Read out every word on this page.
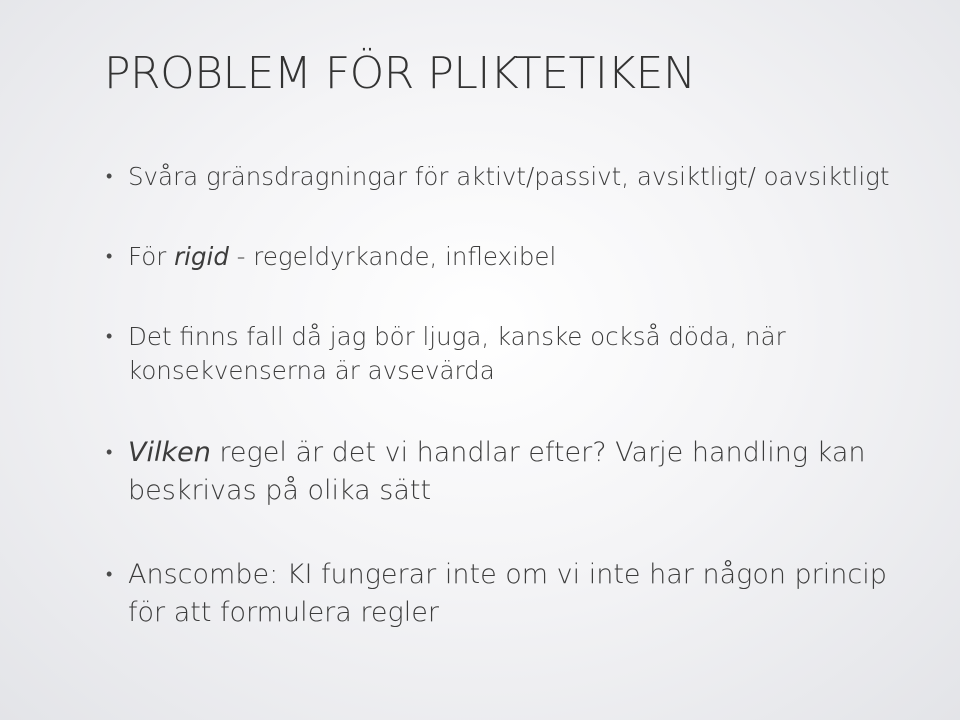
PROBLEM FÖR PLIKTETIKEN
• Svåra gränsdragningar för aktivt/passivt, avsiktligt/ oavsiktligt
• För rigid - regeldyrkande, inflexibel
• Det finns fall då jag bör ljuga, kanske också döda, när konsekvenserna är avsevärda
• Vilken regel är det vi handlar efter? Varje handling kan beskrivas på olika sätt
• Anscombe: KI fungerar inte om vi inte har någon princip för att formulera regler
